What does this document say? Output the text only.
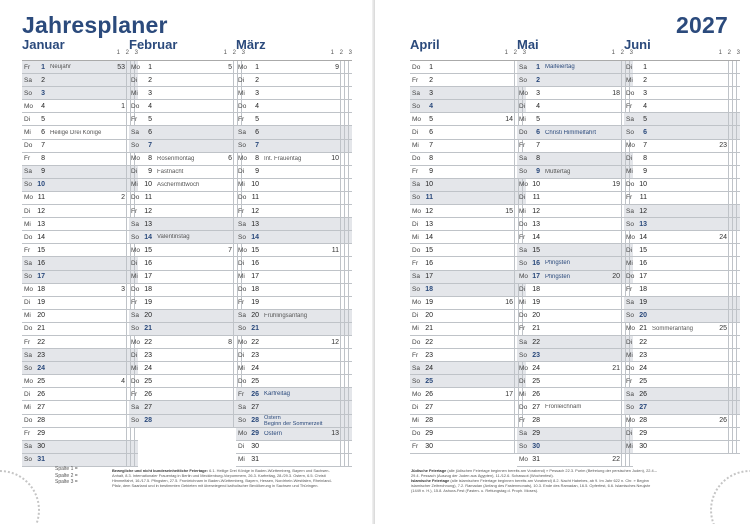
Jahresplaner
Januar
1 2 3
Fr	1 Neujahr	53
Sa	2
So	3
Mo	4	1
Di	5
Mi	6 Heilige Drei Könige
Do	7
Fr	8
Sa	9
So 10
Mo 11	2
Di	12
Mi 13
Do 14
Fr	15
Sa 16
So 17
Mo 18	3
Di	19
Mi 20
Do 21
Fr	22
Sa 23
So 24
Mo 25	4
Di	26
Mi 27
Do 28
Fr	29
Sa 30
So 31
Februar
1 2 3
Mo	1	5
Di	2
Mi	3
Do	4
Fr	5
Sa	6
So	7
Mo	8 Rosenmontag	6
Di	9 Fastnacht
Mi 10 Aschermittwoch
Do 11
Fr	12
Sa 13
So 14 Valentinstag
Mo 15	7
Di	16
Mi 17
Do 18
Fr	19
Sa 20
So 21
Mo 22	8
Di	23
Mi 24
Do 25
Fr	26
Sa 27
So 28
März
1 2 3
Mo	1	9
Di	2
Mi	3
Do	4
Fr	5
Sa	6
So	7
Mo	8 Int. Frauentag	10
Di	9
Mi 10
Do 11
Fr	12
Sa 13
So 14
Mo 15	11
Di	16
Mi 17
Do 18
Fr	19
Sa 20 Frühlingsanfang
So 21
Mo 22	12
Di	23
Mi 24
Do 25
Fr	26 Karfreitag
Sa 27
So 28 Ostern
Beginn der Sommerzeit
Mo 29 Ostern	13
Di	30
Mi 31
Spalte 1 =
Spalte 2 =
Spalte 3 =
Bewegliche und nicht bundeseinheitliche Feiertage: 6.1. Heilige Drei Könige in Baden-Württemberg, Bayern und Sachsen-Anhalt, 8.3. Internationaler Frauentag in Berlin und Mecklenburg-Vorpommern, 26.3. Karfreitag, 28./29.3. Ostern, 6.5. Christi Himmelfahrt, 16./17.5. Pfingsten, 27.5. Fronleichnam in Baden-Württemberg, Bayern, Hessen, Nordrhein-Westfalen, Rheinland-Pfalz, dem Saarland und in bestimmten Gebieten mit überwiegend katholischer Bevölkerung in Sachsen und Thüringen.
2027
April
1 2 3
Do	1
Fr	2
Sa	3
So	4
Mo	5	14
Di	6
Mi	7
Do	8
Fr	9
Sa 10
So 11
Mo 12	15
Di	13
Mi 14
Do 15
Fr	16
Sa 17
So 18
Mo 19	16
Di	20
Mi 21
Do 22
Fr	23
Sa 24
So 25
Mo 26	17
Di	27
Mi 28
Do 29
Fr	30
Mai
1 2 3
Sa	1 Maifeiertag
So	2
Mo	3	18
Di	4
Mi	5
Do	6 Christi Himmelfahrt
Fr	7
Sa	8
So	9 Muttertag
Mo 10	19
Di	11
Mi 12
Do 13
Fr	14
Sa 15
So 16 Pfingsten
Mo 17 Pfingsten	20
Di	18
Mi 19
Do 20
Fr	21
Sa 22
So 23
Mo 24	21
Di	25
Mi 26
Do 27 Fronleichnam
Fr	28
Sa 29
So 30
Mo 31	22
Juni
1 2 3
Di	1
Mi	2
Do	3
Fr	4
Sa	5
So	6
Mo	7	23
Di	8
Mi	9
Do 10
Fr	11
Sa 12
So 13
Mo 14	24
Di	15
Mi 16
Do 17
Fr	18
Sa 19
So 20
Mo 21 Sommeranfang	25
Di	22
Mi 23
Do 24
Fr	25
Sa 26
So 27
Mo 28	26
Di	29
Mi 30
Jüdische Feiertage (alle jüdischen Feiertage beginnen bereits am Vorabend) » Pessach 22.3. Purim (Befreiung der persischen Juden), 22.4.–29.4. Pessach (Auszug der Juden aus Ägypten), 11./12.6. Schawuot (Wochenfest).
Islamische Feiertage (alle islamischen Feiertage beginnen bereits am Vorabend) 8.2. Nacht Habebes, ab 9. Im Jahr 622 n. Chr. » Beginn islamischer Zeitrechnung), 7.2. Ramadan (Anfang des Fastenmonats), 10.3. Ende des Ramadan, 16.5. Opferfest, 6.6. Islamisches Neujahr (1449 n. H.), 15.8. Ashura-Fest (Fasten- u. Rettungstag d. Proph. Moses).
